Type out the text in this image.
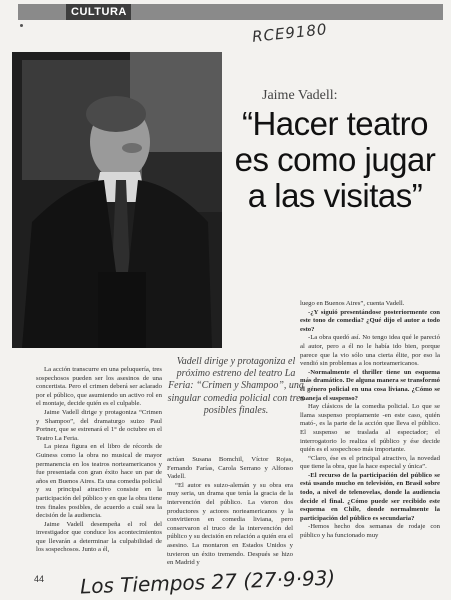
CULTURA
RCE9180
Jaime Vadell:
“Hacer teatro es como jugar a las visitas”
Vadell dirige y protagoniza el próximo estreno del teatro La Feria: “Crimen y Shampoo”, una singular comedia policial con tres posibles finales.

La acción transcurre en una peluquería, tres sospechosos pueden ser los asesinos de una concertista. Pero el crimen deberá ser aclarado por el público, que asumiendo un activo rol en el montaje, decide quién es el culpable.

Jaime Vadell dirige y protagoniza “Crimen y Shampoo”, del dramaturgo suizo Paul Portner, que se estrenará el 1° de octubre en el Teatro La Feria.

La pieza figura en el libro de récords de Guiness como la obra no musical de mayor permanencia en los teatros norteamericanos y fue presentada con gran éxito hace un par de años en Buenos Aires. Es una comedia policial y su principal atractivo consiste en la participación del público y en que la obra tiene tres finales posibles, de acuerdo a cuál sea la decisión de la audiencia.

Jaime Vadell desempeña el rol del investigador que conduce los acontecimientos que llevarán a determinar la culpabilidad de los sospechosos. Junto a él,

actúan Susana Bomchil, Víctor Rojas, Fernando Farías, Carola Serrano y Alfonso Vadell.

“El autor es suizo-alemán y su obra era muy seria, un drama que tenía la gracia de la intervención del público. La vieron dos productores y actores norteamericanos y la convirtieron en comedia liviana, pero conservaron el truco de la intervención del público y su decisión en relación a quién era el asesino. La montaron en Estados Unidos y tuvieron un éxito tremendo. Después se hizo en Madrid y

luego en Buenos Aires”, cuenta Vadell.

-¿Y siguió presentándose posteriormente con este tono de comedia? ¿Qué dijo el autor a todo esto?

-La obra quedó así. No tengo idea qué le pareció al autor, pero a él no le había ido bien, porque parece que la vio sólo una cierta élite, por eso la vendió sin problemas a los norteamericanos.

-Normalmente el thriller tiene un esquema más dramático. De alguna manera se transformó el género policial en una cosa liviana. ¿Cómo se maneja el suspenso?

Hay clásicos de la comedia policial. Lo que se llama suspenso propiamente -en este caso, quién mató-, es la parte de la acción que lleva el público. El suspenso se traslada al espectador; el interrogatorio lo realiza el público y ése decide quién es el sospechoso más importante.

“Claro, ése es el principal atractivo, la novedad que tiene la obra, que la hace especial y única”.

-El recurso de la participación del público se está usando mucho en televisión, en Brasil sobre todo, a nivel de telenovelas, donde la audiencia decide el final. ¿Cómo puede ser recibido este esquema en Chile, donde normalmente la participación del público es secundaria?

-Hemos hecho dos semanas de rodaje con público y ha funcionado muy

44 Los Tiempos 27 (27·9·93)
